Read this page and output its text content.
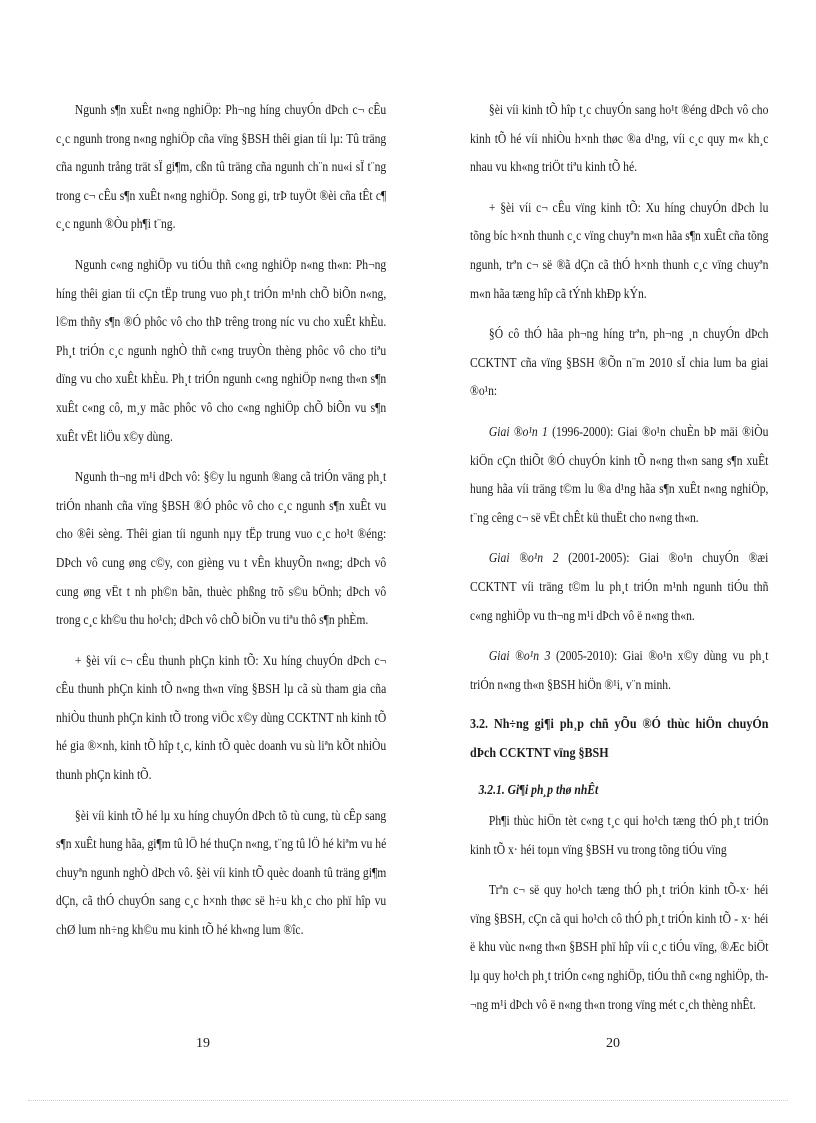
Ngunh s¶n xuÊt n«ng nghiÖp: Ph¬ng híng chuyÓn dÞch c¬ cÊu c¸c ngunh trong n«ng nghiÖp cña vïng §BSH thêi gian tíi lµ: Tû träng cña ngunh trång trät sÏ gi¶m, cßn tû träng cña ngunh ch¨n nu«i sÏ t¨ng trong c¬ cÊu s¶n xuÊt n«ng nghiÖp. Song gi, trÞ tuyÖt ®èi cña tÊt c¶ c¸c ngunh ®Òu ph¶i t¨ng.

Ngunh c«ng nghiÖp vu tiÓu thñ c«ng nghiÖp n«ng th«n: Ph¬ng híng thêi gian tíi cÇn tËp trung vuo ph¸t triÓn m¹nh chÕ biÕn n«ng, l©m thñy s¶n ®Ó phôc vô cho thÞ trêng trong níc vu cho xuÊt khÈu. Ph¸t triÓn c¸c ngunh nghÒ thñ c«ng truyÒn thèng phôc vô cho tiªu dïng vu cho xuÊt khÈu. Ph¸t triÓn ngunh c«ng nghiÖp n«ng th«n s¶n xuÊt c«ng cô, m¸y mãc phôc vô cho c«ng nghiÖp chÕ biÕn vu s¶n xuÊt vËt liÖu x©y dùng.

Ngunh th¬ng m¹i dÞch vô: §©y lu ngunh ®ang cã triÓn väng ph¸t triÓn nhanh cña vïng §BSH ®Ó phôc vô cho c¸c ngunh s¶n xuÊt vu cho ®êi sèng. Thêi gian tíi ngunh nµy tËp trung vuo c¸c ho¹t ®éng: DÞch vô cung øng c©y, con gièng vu t vÊn khuyÕn n«ng; dÞch vô cung øng vËt t nh ph©n bãn, thuèc phßng trõ s©u bÖnh; dÞch vô trong c¸c kh©u thu ho¹ch; dÞch vô chÕ biÕn vu tiªu thô s¶n phÈm.

+ §èi víi c¬ cÊu thunh phÇn kinh tÕ: Xu híng chuyÓn dÞch c¬ cÊu thunh phÇn kinh tÕ n«ng th«n vïng §BSH lµ cã sù tham gia cña nhiÒu thunh phÇn kinh tÕ trong viÖc x©y dùng CCKTNT nh kinh tÕ hé gia ®×nh, kinh tÕ hîp t¸c, kinh tÕ quèc doanh vu sù liªn kÕt nhiÒu thunh phÇn kinh tÕ.

§èi víi kinh tÕ hé lµ xu híng chuyÓn dÞch tõ tù cung, tù cÊp sang s¶n xuÊt hung hãa, gi¶m tû lÖ hé thuÇn n«ng, t¨ng tû lÖ hé kiªm vu hé chuyªn ngunh nghÒ dÞch vô. §èi víi kinh tÕ quèc doanh tû träng gi¶m dÇn, cã thÓ chuyÓn sang c¸c h×nh thøc së h÷u kh¸c cho phï hîp vu chØ lum nh÷ng kh©u mu kinh tÕ hé kh«ng lum ®îc.

§èi víi kinh tÕ hîp t¸c chuyÓn sang ho¹t ®éng dÞch vô cho kinh tÕ hé víi nhiÒu h×nh thøc ®a d¹ng, víi c¸c quy m« kh¸c nhau vu kh«ng triÖt tiªu kinh tÕ hé.

+ §èi víi c¬ cÊu vïng kinh tÕ: Xu híng chuyÓn dÞch lu tõng bíc h×nh thunh c¸c vïng chuyªn m«n hãa s¶n xuÊt cña tõng ngunh, trªn c¬ së ®ã dÇn cã thÓ h×nh thunh c¸c vïng chuyªn m«n hãa tæng hîp cã tÝnh khÐp kÝn.

§Ó cô thÓ hãa ph¬ng híng trªn, ph¬ng ¸n chuyÓn dÞch CCKTNT cña vïng §BSH ®Õn n¨m 2010 sÏ chia lum ba giai ®o¹n:

Giai ®o¹n 1 (1996-2000): Giai ®o¹n chuÈn bÞ mäi ®iÒu kiÖn cÇn thiÕt ®Ó chuyÓn kinh tÕ n«ng th«n sang s¶n xuÊt hung hãa víi träng t©m lu ®a d¹ng hãa s¶n xuÊt n«ng nghiÖp, t¨ng cêng c¬ së vËt chÊt kü thuËt cho n«ng th«n.

Giai ®o¹n 2 (2001-2005): Giai ®o¹n chuyÓn ®æi CCKTNT víi träng t©m lu ph¸t triÓn m¹nh ngunh tiÓu thñ c«ng nghiÖp vu th¬ng m¹i dÞch vô ë n«ng th«n.

Giai ®o¹n 3 (2005-2010): Giai ®o¹n x©y dùng vu ph¸t triÓn n«ng th«n §BSH hiÖn ®¹i, v¨n minh.

3.2. Nh÷ng gi¶i ph¸p chñ yÕu ®Ó thùc hiÖn chuyÓn dÞch CCKTNT vïng §BSH

3.2.1. Gi¶i ph¸p thø nhÊt

Ph¶i thùc hiÖn tèt c«ng t¸c qui ho¹ch tæng thÓ ph¸t triÓn kinh tÕ x· héi toµn vïng §BSH vu trong tõng tiÓu vïng

Trªn c¬ së quy ho¹ch tæng thÓ ph¸t triÓn kinh tÕ-x· héi vïng §BSH, cÇn cã qui ho¹ch cô thÓ ph¸t triÓn kinh tÕ - x· héi ë khu vùc n«ng th«n §BSH phï hîp víi c¸c tiÓu vïng, ®Æc biÖt lµ quy ho¹ch ph¸t triÓn c«ng nghiÖp, tiÓu thñ c«ng nghiÖp, th¬ng m¹i dÞch vô ë n«ng th«n trong vïng mét c¸ch thèng nhÊt.

19	20
